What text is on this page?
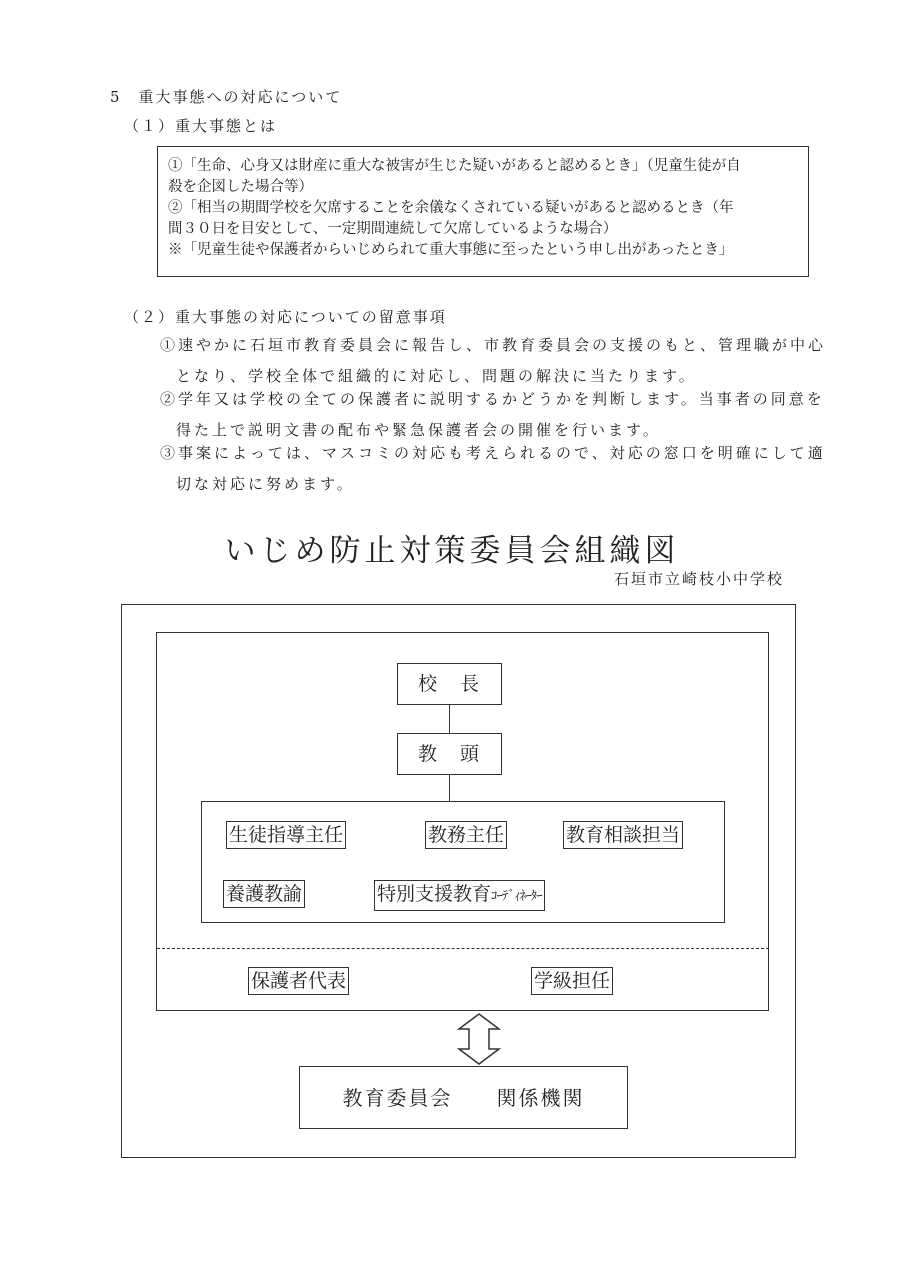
5　重大事態への対応について
（１）重大事態とは
①「生命、心身又は財産に重大な被害が生じた疑いがあると認めるとき」（児童生徒が自
殺を企図した場合等）
②「相当の期間学校を欠席することを余儀なくされている疑いがあると認めるとき（年
間３０日を目安として、一定期間連続して欠席しているような場合）
※「児童生徒や保護者からいじめられて重大事態に至ったという申し出があったとき」
（２）重大事態の対応についての留意事項
①速やかに石垣市教育委員会に報告し、市教育委員会の支援のもと、管理職が中心
となり、学校全体で組織的に対応し、問題の解決に当たります。
②学年又は学校の全ての保護者に説明するかどうかを判断します。当事者の同意を
得た上で説明文書の配布や緊急保護者会の開催を行います。
③事案によっては、マスコミの対応も考えられるので、対応の窓口を明確にして適
切な対応に努めます。
いじめ防止対策委員会組織図
石垣市立崎枝小中学校
校　長
教　頭
生徒指導主任	教務主任	教育相談担当
養護教諭	特別支援教育ｺｰﾃﾞｨﾈｰﾀｰ
保護者代表	学級担任
教育委員会　　関係機関
